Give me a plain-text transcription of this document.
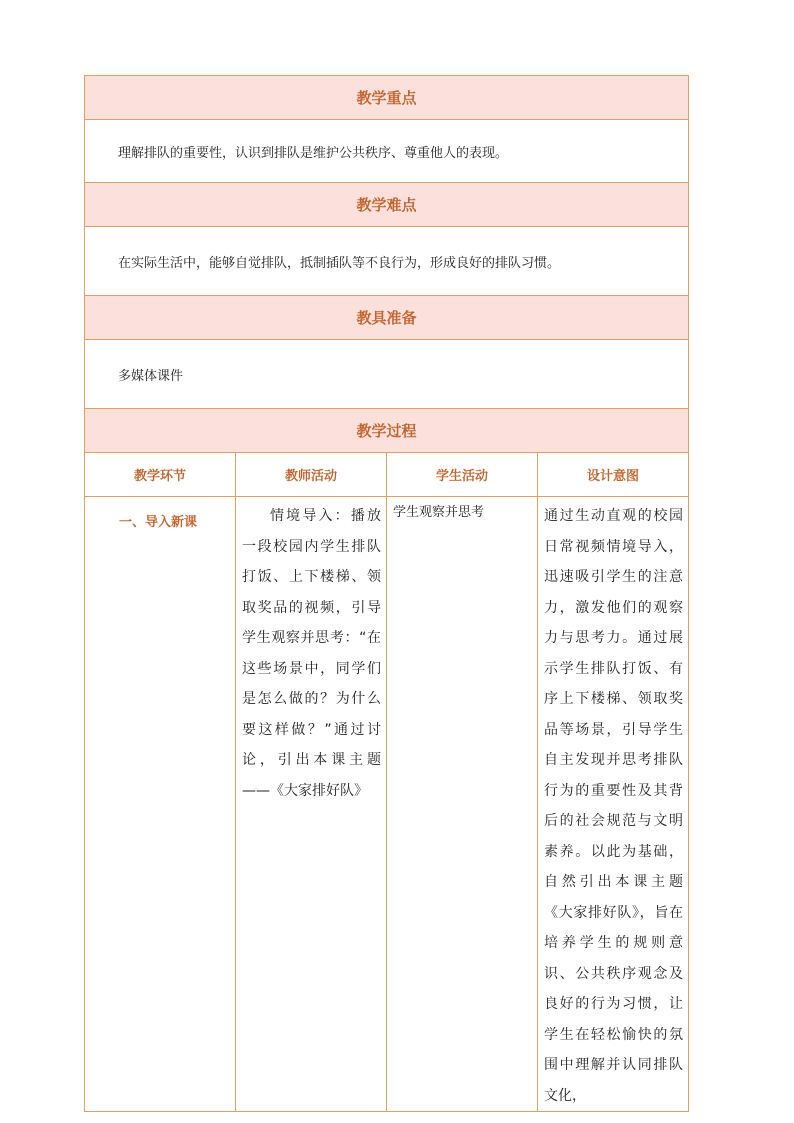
教学重点			
理解排队的重要性，认识到排队是维护公共秩序、尊重他人的表现。			
教学难点			
在实际生活中，能够自觉排队，抵制插队等不良行为，形成良好的排队习惯。			
教具准备			
多媒体课件			
教学过程			
教学环节	教师活动	学生活动	设计意图
一、导入新课	情境导入：播放一段校园内学生排队打饭、上下楼梯、领取奖品的视频，引导学生观察并思考：“在这些场景中，同学们是怎么做的？为什么要这样做？”通过讨论，引出本课主题——《大家排好队》	学生观察并思考	通过生动直观的校园日常视频情境导入，迅速吸引学生的注意力，激发他们的观察力与思考力。通过展示学生排队打饭、有序上下楼梯、领取奖品等场景，引导学生自主发现并思考排队行为的重要性及其背后的社会规范与文明素养。以此为基础，自然引出本课主题《大家排好队》，旨在培养学生的规则意识、公共秩序观念及良好的行为习惯，让学生在轻松愉快的氛围中理解并认同排队文化，
